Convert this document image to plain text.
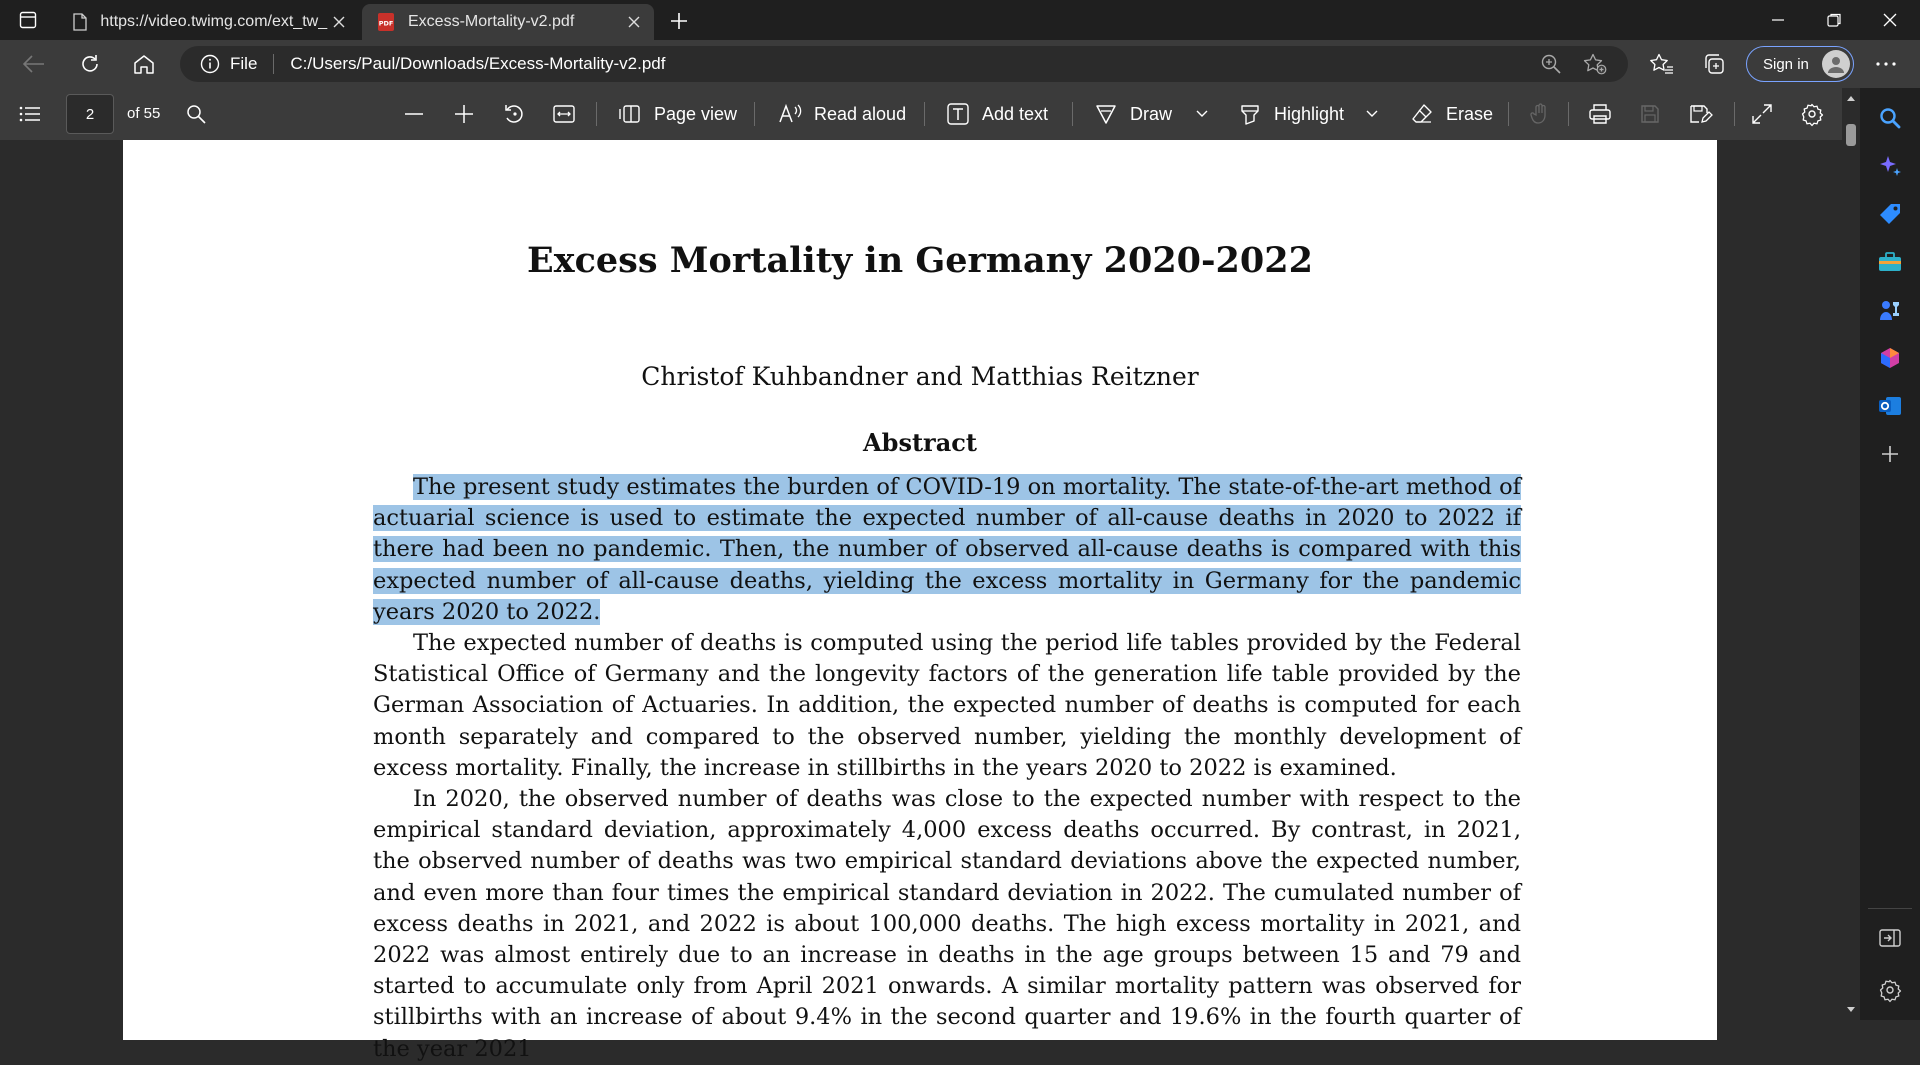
https://video.twimg.com/ext_tw_	PDF Excess-Mortality-v2.pdf
File C:/Users/Paul/Downloads/Excess-Mortality-v2.pdf	Sign in
2
of 55	Page view	Read aloud	Add text	Draw	Highlight	Erase
Excess Mortality in Germany 2020-2022
Christof Kuhbandner and Matthias Reitzner
Abstract

The present study estimates the burden of COVID-19 on mortality. The state-of-the-art method of actuarial science is used to estimate the expected number of all-cause deaths in 2020 to 2022 if there had been no pandemic. Then, the number of observed all-cause deaths is compared with this expected number of all-cause deaths, yielding the excess mortality in Germany for the pandemic years 2020 to 2022.

The expected number of deaths is computed using the period life tables provided by the Federal Statistical Office of Germany and the longevity factors of the generation life table provided by the German Association of Actuaries. In addition, the expected number of deaths is computed for each month separately and compared to the observed number, yielding the monthly development of excess mortality. Finally, the increase in stillbirths in the years 2020 to 2022 is examined.

In 2020, the observed number of deaths was close to the expected number with respect to the empirical standard deviation, approximately 4,000 excess deaths occurred. By contrast, in 2021, the observed number of deaths was two empirical standard deviations above the expected number, and even more than four times the empirical standard deviation in 2022. The cumulated number of excess deaths in 2021, and 2022 is about 100,000 deaths. The high excess mortality in 2021, and 2022 was almost entirely due to an increase in deaths in the age groups between 15 and 79 and started to accumulate only from April 2021 onwards. A similar mortality pattern was observed for stillbirths with an increase of about 9.4% in the second quarter and 19.6% in the fourth quarter of the year 2021
